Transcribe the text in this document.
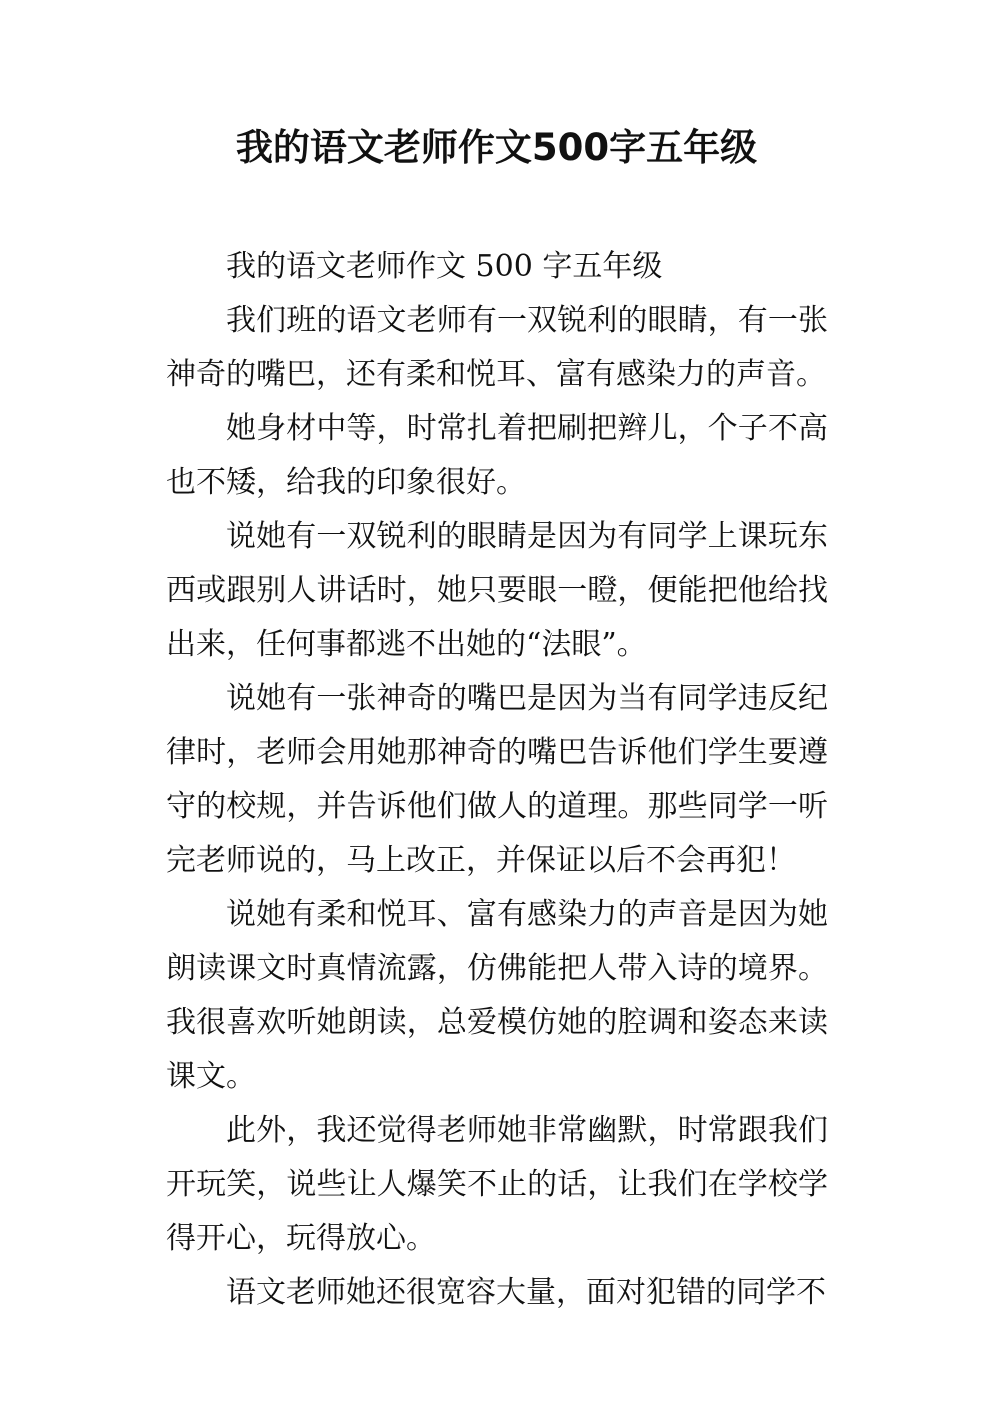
我的语文老师作文500字五年级

我的语文老师作文 500 字五年级

我们班的语文老师有一双锐利的眼睛，有一张神奇的嘴巴，还有柔和悦耳、富有感染力的声音。

她身材中等，时常扎着把刷把辫儿，个子不高也不矮，给我的印象很好。

说她有一双锐利的眼睛是因为有同学上课玩东西或跟别人讲话时，她只要眼一瞪，便能把他给找出来，任何事都逃不出她的“法眼”。

说她有一张神奇的嘴巴是因为当有同学违反纪律时，老师会用她那神奇的嘴巴告诉他们学生要遵守的校规，并告诉他们做人的道理。那些同学一听完老师说的，马上改正，并保证以后不会再犯！

说她有柔和悦耳、富有感染力的声音是因为她朗读课文时真情流露，仿佛能把人带入诗的境界。我很喜欢听她朗读，总爱模仿她的腔调和姿态来读课文。

此外，我还觉得老师她非常幽默，时常跟我们开玩笑，说些让人爆笑不止的话，让我们在学校学得开心，玩得放心。

语文老师她还很宽容大量，面对犯错的同学不
